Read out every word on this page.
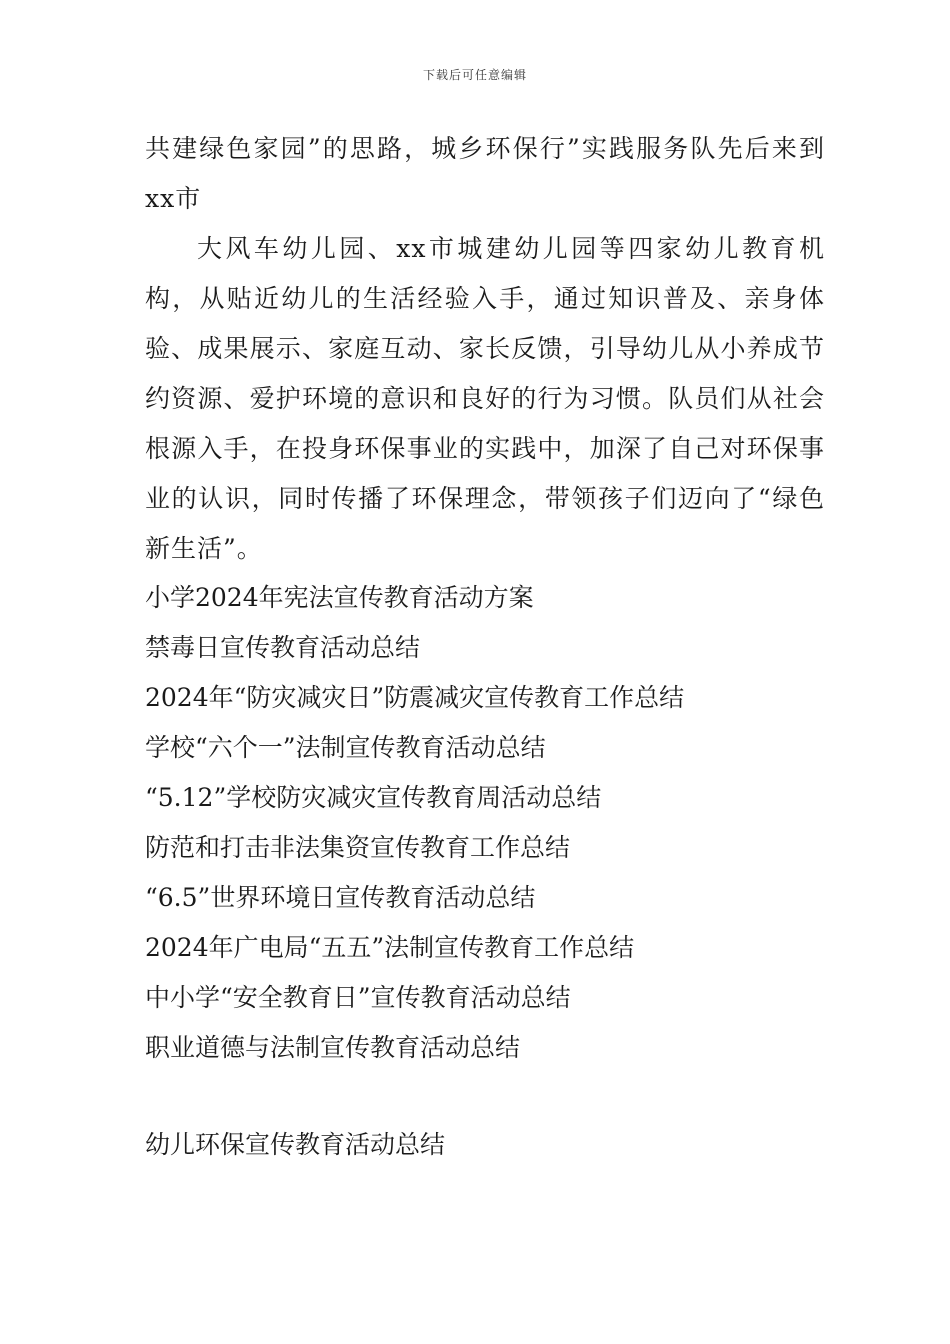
下载后可任意编辑
共建绿色家园”的思路，城乡环保行”实践服务队先后来到xx市
大风车幼儿园、xx市城建幼儿园等四家幼儿教育机构，从贴近幼儿的生活经验入手，通过知识普及、亲身体验、成果展示、家庭互动、家长反馈，引导幼儿从小养成节约资源、爱护环境的意识和良好的行为习惯。队员们从社会根源入手，在投身环保事业的实践中，加深了自己对环保事业的认识，同时传播了环保理念，带领孩子们迈向了“绿色新生活”。
小学2024年宪法宣传教育活动方案
禁毒日宣传教育活动总结
2024年“防灾减灾日”防震减灾宣传教育工作总结
学校“六个一”法制宣传教育活动总结
“5.12”学校防灾减灾宣传教育周活动总结
防范和打击非法集资宣传教育工作总结
“6.5”世界环境日宣传教育活动总结
2024年广电局“五五”法制宣传教育工作总结
中小学“安全教育日”宣传教育活动总结
职业道德与法制宣传教育活动总结
幼儿环保宣传教育活动总结
